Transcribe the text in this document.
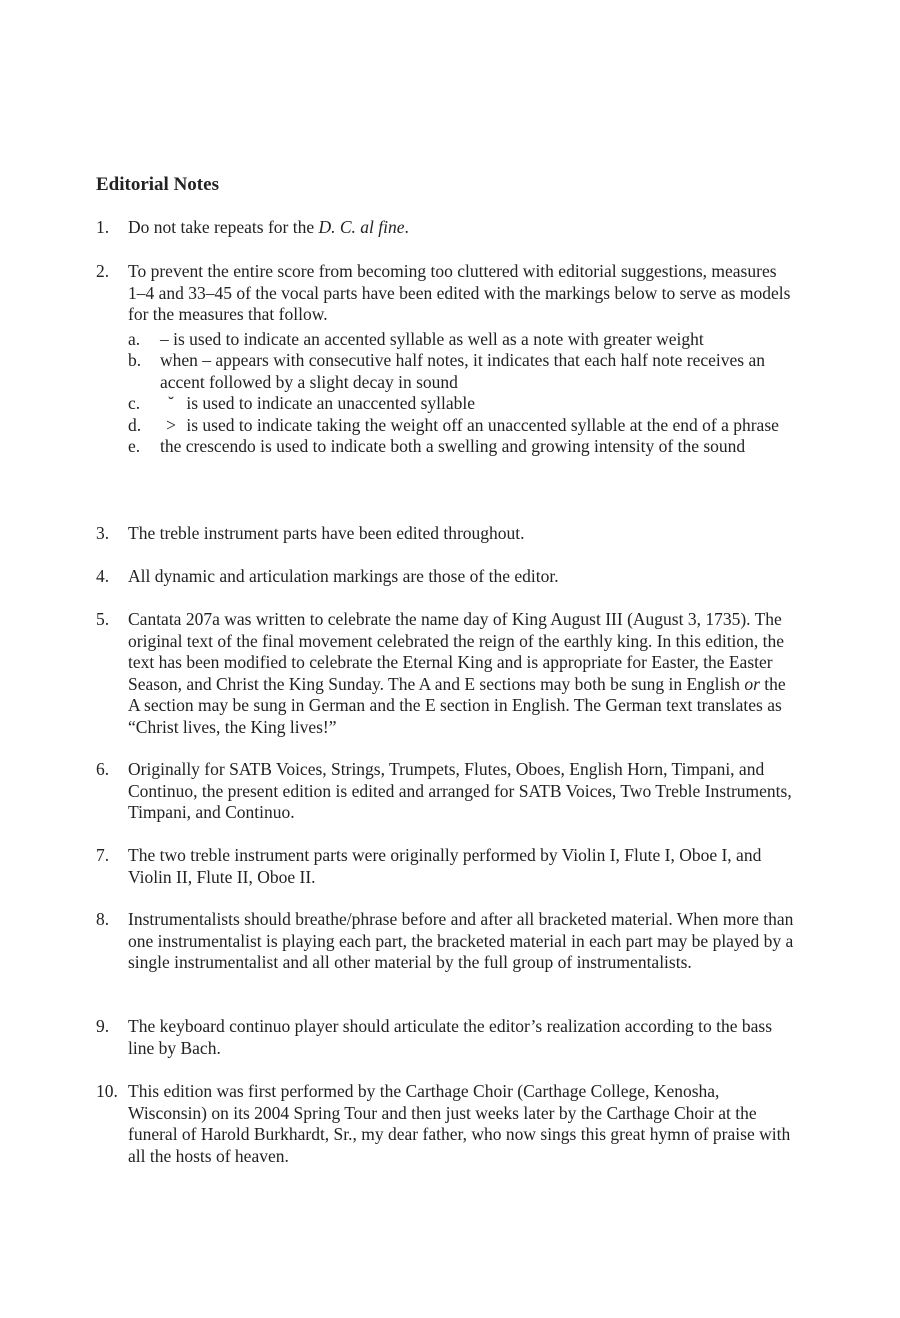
Editorial Notes
1.	Do not take repeats for the D. C. al fine.
2.	To prevent the entire score from becoming too cluttered with editorial suggestions, measures 1–4 and 33–45 of the vocal parts have been edited with the markings below to serve as models for the measures that follow.
a.	– is used to indicate an accented syllable as well as a note with greater weight
b.	when – appears with consecutive half notes, it indicates that each half note receives an accent followed by a slight decay in sound
c.	˘ is used to indicate an unaccented syllable
d.	> is used to indicate taking the weight off an unaccented syllable at the end of a phrase
e.	the crescendo is used to indicate both a swelling and growing intensity of the sound
3.	The treble instrument parts have been edited throughout.
4.	All dynamic and articulation markings are those of the editor.
5.	Cantata 207a was written to celebrate the name day of King August III (August 3, 1735). The original text of the final movement celebrated the reign of the earthly king. In this edition, the text has been modified to celebrate the Eternal King and is appropriate for Easter, the Easter Season, and Christ the King Sunday. The A and E sections may both be sung in English or the A section may be sung in German and the E section in English. The German text translates as “Christ lives, the King lives!”
6.	Originally for SATB Voices, Strings, Trumpets, Flutes, Oboes, English Horn, Timpani, and Continuo, the present edition is edited and arranged for SATB Voices, Two Treble Instruments, Timpani, and Continuo.
7.	The two treble instrument parts were originally performed by Violin I, Flute I, Oboe I, and Violin II, Flute II, Oboe II.
8.	Instrumentalists should breathe/phrase before and after all bracketed material. When more than one instrumentalist is playing each part, the bracketed material in each part may be played by a single instrumentalist and all other material by the full group of instrumentalists.
9.	The keyboard continuo player should articulate the editor’s realization according to the bass line by Bach.
10. This edition was first performed by the Carthage Choir (Carthage College, Kenosha, Wisconsin) on its 2004 Spring Tour and then just weeks later by the Carthage Choir at the funeral of Harold Burkhardt, Sr., my dear father, who now sings this great hymn of praise with all the hosts of heaven.
